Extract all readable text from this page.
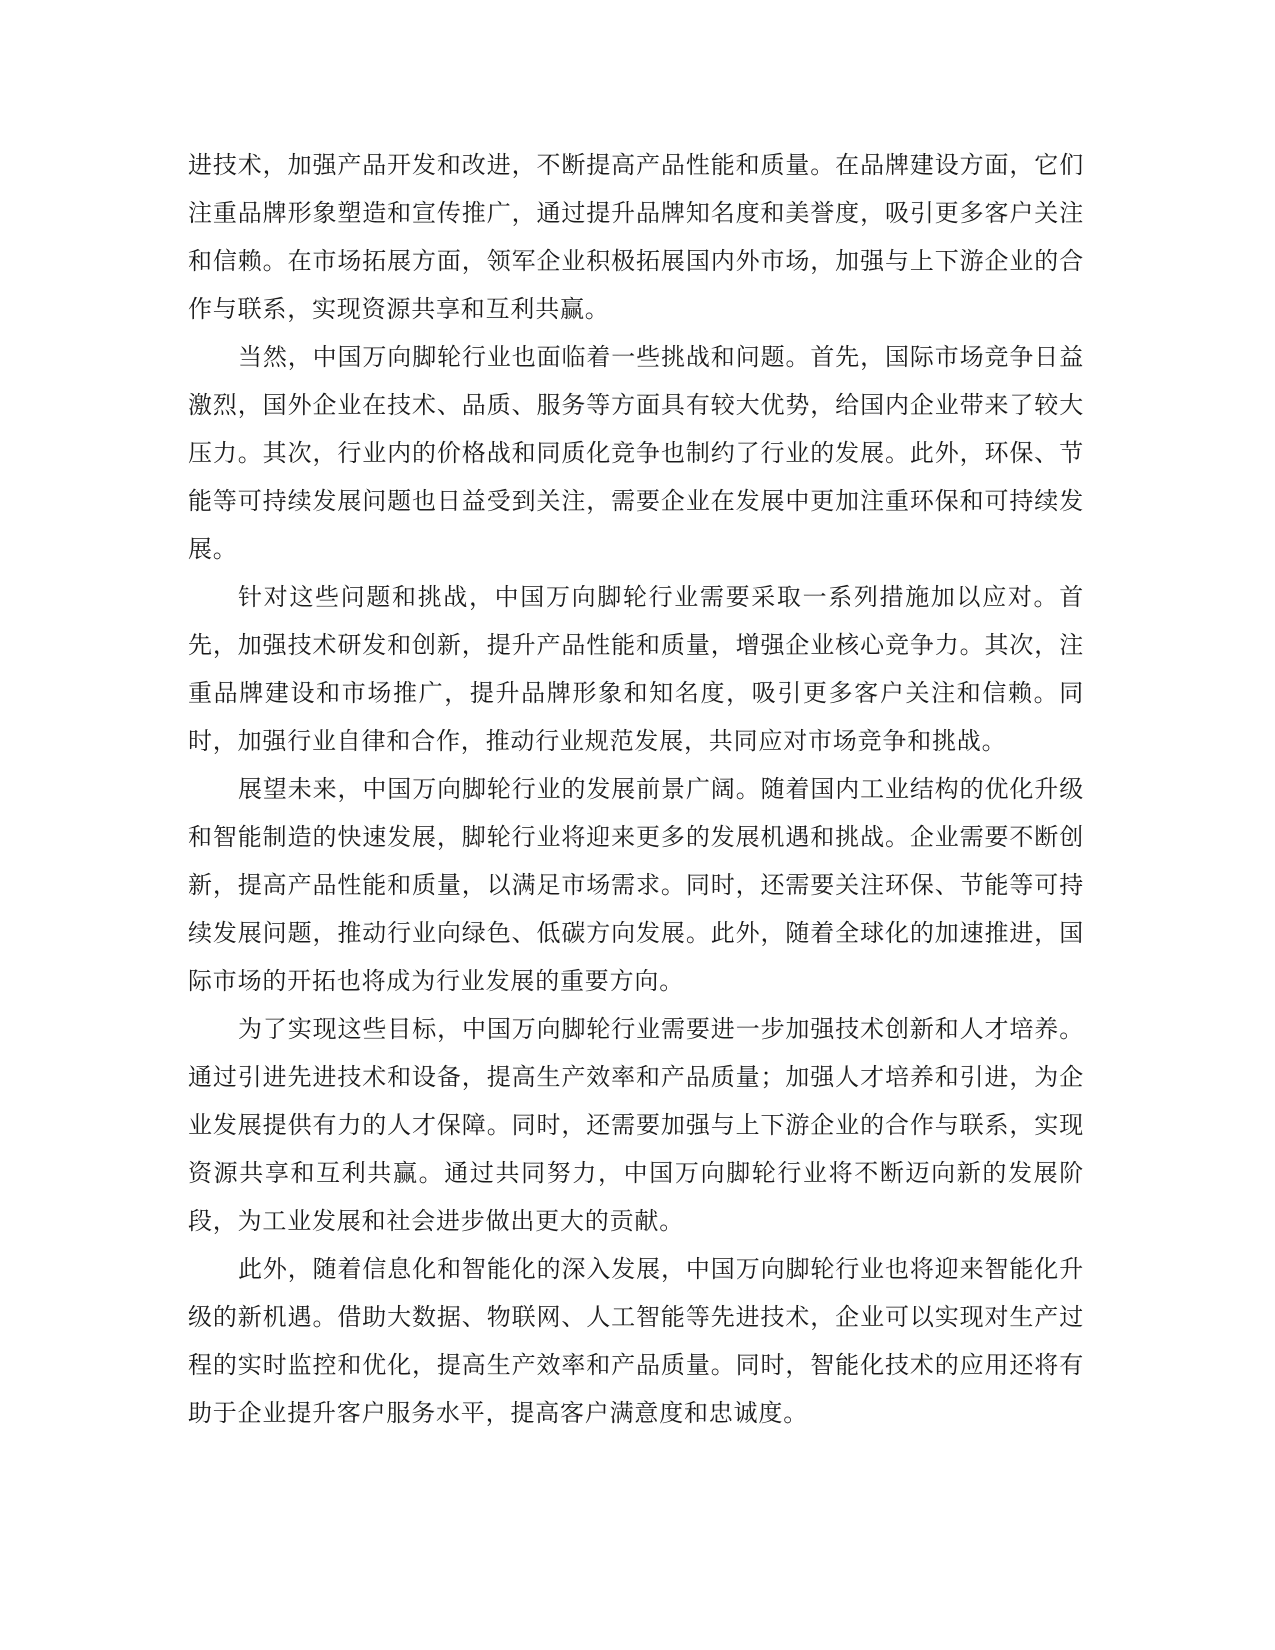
进技术，加强产品开发和改进，不断提高产品性能和质量。在品牌建设方面，它们注重品牌形象塑造和宣传推广，通过提升品牌知名度和美誉度，吸引更多客户关注和信赖。在市场拓展方面，领军企业积极拓展国内外市场，加强与上下游企业的合作与联系，实现资源共享和互利共赢。

当然，中国万向脚轮行业也面临着一些挑战和问题。首先，国际市场竞争日益激烈，国外企业在技术、品质、服务等方面具有较大优势，给国内企业带来了较大压力。其次，行业内的价格战和同质化竞争也制约了行业的发展。此外，环保、节能等可持续发展问题也日益受到关注，需要企业在发展中更加注重环保和可持续发展。

针对这些问题和挑战，中国万向脚轮行业需要采取一系列措施加以应对。首先，加强技术研发和创新，提升产品性能和质量，增强企业核心竞争力。其次，注重品牌建设和市场推广，提升品牌形象和知名度，吸引更多客户关注和信赖。同时，加强行业自律和合作，推动行业规范发展，共同应对市场竞争和挑战。

展望未来，中国万向脚轮行业的发展前景广阔。随着国内工业结构的优化升级和智能制造的快速发展，脚轮行业将迎来更多的发展机遇和挑战。企业需要不断创新，提高产品性能和质量，以满足市场需求。同时，还需要关注环保、节能等可持续发展问题，推动行业向绿色、低碳方向发展。此外，随着全球化的加速推进，国际市场的开拓也将成为行业发展的重要方向。

为了实现这些目标，中国万向脚轮行业需要进一步加强技术创新和人才培养。通过引进先进技术和设备，提高生产效率和产品质量；加强人才培养和引进，为企业发展提供有力的人才保障。同时，还需要加强与上下游企业的合作与联系，实现资源共享和互利共赢。通过共同努力，中国万向脚轮行业将不断迈向新的发展阶段，为工业发展和社会进步做出更大的贡献。

此外，随着信息化和智能化的深入发展，中国万向脚轮行业也将迎来智能化升级的新机遇。借助大数据、物联网、人工智能等先进技术，企业可以实现对生产过程的实时监控和优化，提高生产效率和产品质量。同时，智能化技术的应用还将有助于企业提升客户服务水平，提高客户满意度和忠诚度。
